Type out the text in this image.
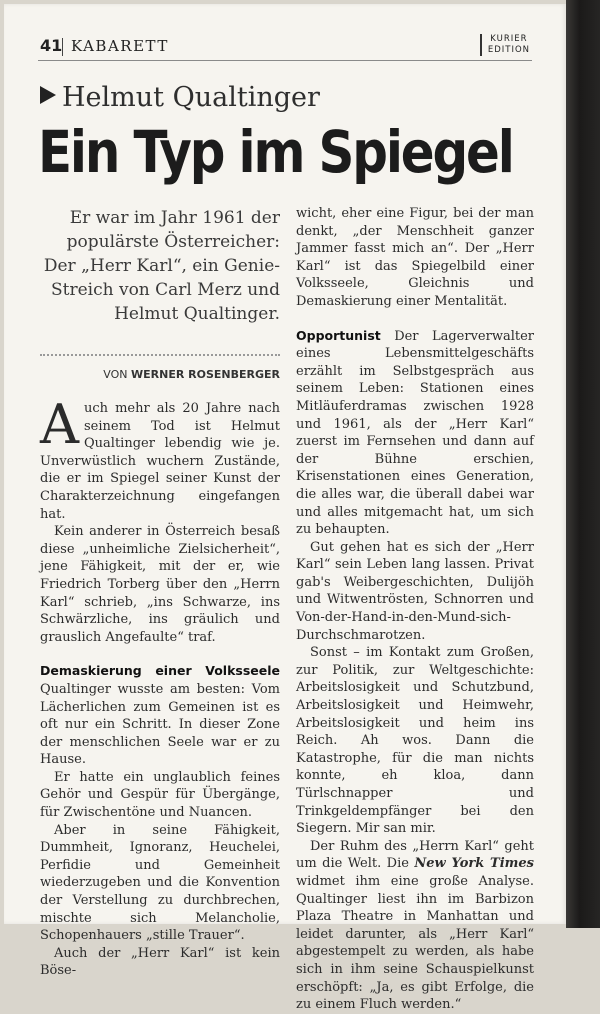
41 KABARETT	KURIER
EDITION
Helmut Qualtinger
Ein Typ im Spiegel
Er war im Jahr 1961 der populärste Österreicher: Der „Herr Karl“, ein Genie-Streich von Carl Merz und Helmut Qualtinger.
VON WERNER ROSENBERGER

Auch mehr als 20 Jahre nach seinem Tod ist Helmut Qualtinger lebendig wie je. Unverwüstlich wuchern Zustände, die er im Spiegel seiner Kunst der Charakterzeichnung eingefangen hat.

Kein anderer in Österreich besaß diese „unheimliche Zielsicherheit“, jene Fähigkeit, mit der er, wie Friedrich Torberg über den „Herrn Karl“ schrieb, „ins Schwarze, ins Schwärzliche, ins gräulich und grauslich Angefaulte“ traf.

Demaskierung einer Volksseele Qualtinger wusste am besten: Vom Lächerlichen zum Gemeinen ist es oft nur ein Schritt. In dieser Zone der menschlichen Seele war er zu Hause.

Er hatte ein unglaublich feines Gehör und Gespür für Übergänge, für Zwischentöne und Nuancen.

Aber in seine Fähigkeit, Dummheit, Ignoranz, Heuchelei, Perfidie und Gemeinheit wiederzugeben und die Konvention der Verstellung zu durchbrechen, mischte sich Melancholie, Schopenhauers „stille Trauer“.

Auch der „Herr Karl“ ist kein Böse-

wicht, eher eine Figur, bei der man denkt, „der Menschheit ganzer Jammer fasst mich an“. Der „Herr Karl“ ist das Spiegelbild einer Volksseele, Gleichnis und Demaskierung einer Mentalität.

Opportunist Der Lagerverwalter eines Lebensmittelgeschäfts erzählt im Selbstgespräch aus seinem Leben: Stationen eines Mitläuferdramas zwischen 1928 und 1961, als der „Herr Karl“ zuerst im Fernsehen und dann auf der Bühne erschien, Krisenstationen eines Generation, die alles war, die überall dabei war und alles mitgemacht hat, um sich zu behaupten.

Gut gehen hat es sich der „Herr Karl“ sein Leben lang lassen. Privat gab's Weibergeschichten, Dulijöh und Witwentrösten, Schnorren und Von-der-Hand-in-den-Mund-sich-Durchschmarotzen.

Sonst – im Kontakt zum Großen, zur Politik, zur Weltgeschichte: Arbeitslosigkeit und Schutzbund, Arbeitslosigkeit und Heimwehr, Arbeitslosigkeit und heim ins Reich. Ah wos. Dann die Katastrophe, für die man nichts konnte, eh kloa, dann Türlschnapper und Trinkgeldempfänger bei den Siegern. Mir san mir.

Der Ruhm des „Herrn Karl“ geht um die Welt. Die New York Times widmet ihm eine große Analyse. Qualtinger liest ihn im Barbizon Plaza Theatre in Manhattan und leidet darunter, als „Herr Karl“ abgestempelt zu werden, als habe sich in ihm seine Schauspielkunst erschöpft: „Ja, es gibt Erfolge, die zu einem Fluch werden.“
